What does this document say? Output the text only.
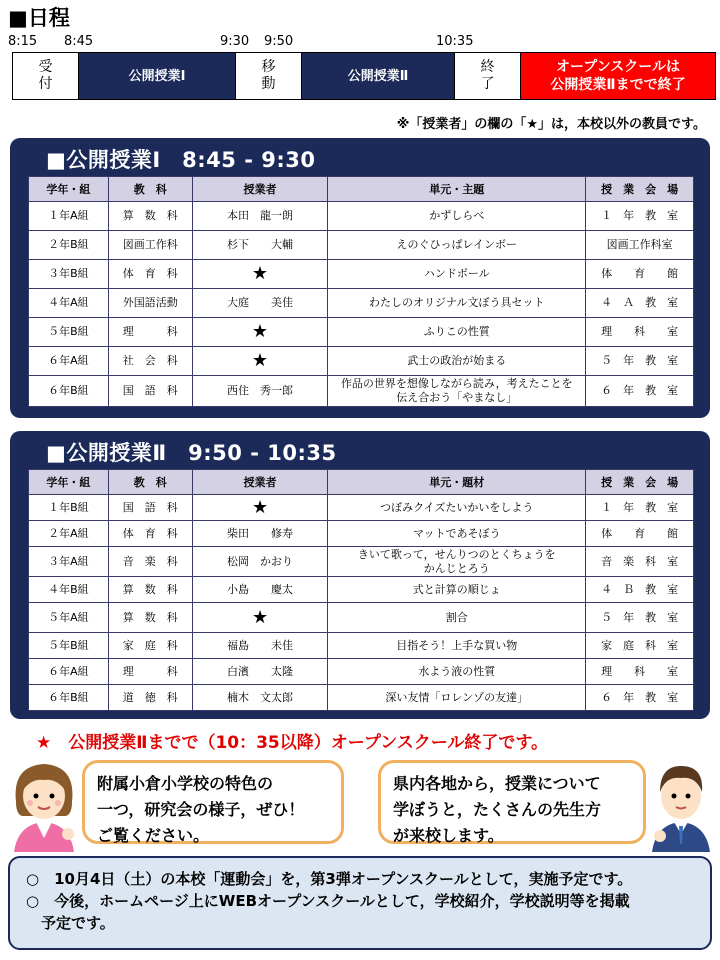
■日程
8:15 8:45	9:30 9:50	10:35
受
付	公開授業Ⅰ
移
動	公開授業Ⅱ
終
了
オープンスクールは
公開授業Ⅱまでで終了
※「授業者」の欄の「★」は，本校以外の教員です。
■公開授業Ⅰ　8:45 - 9:30
学年・組	教　科	授業者	単元・主題	授　業　会　場
１年A組	算　数　科	本田　龍一朗	かずしらべ	１　年　教　室
２年B組	図画工作科	杉下　　大輔	えのぐひっぱレインボー	図画工作科室
３年B組	体　育　科	★	ハンドボール	体　　育　　館
４年A組	外国語活動	大庭　　美佳	わたしのオリジナル文ぼう具セット	４　Ａ　教　室
５年B組	理　　　科	★	ふりこの性質	理　　科　　室
６年A組	社　会　科	★	武士の政治が始まる	５　年　教　室
６年B組	国　語　科	西住　秀一郎	作品の世界を想像しながら読み，考えたことを
伝え合おう「やまなし」	６　年　教　室
■公開授業Ⅱ　9:50 - 10:35
学年・組	教　科	授業者	単元・題材	授　業　会　場
１年B組	国　語　科	★	つぼみクイズたいかいをしよう	１　年　教　室
２年A組	体　育　科	柴田　　修寿	マットであそぼう	体　　育　　館
３年A組	音　楽　科	松岡　かおり	きいて歌って，せんりつのとくちょうを
かんじとろう	音　楽　科　室
４年B組	算　数　科	小島　　慶太	式と計算の順じょ	４　Ｂ　教　室
５年A組	算　数　科	★	割合	５　年　教　室
５年B組	家　庭　科	福島　　未佳	目指そう！上手な買い物	家　庭　科　室
６年A組	理　　　科	白濱　　太隆	水よう液の性質	理　　科　　室
６年B組	道　徳　科	楠木　文太郎	深い友情「ロレンゾの友達」	６　年　教　室
★　公開授業Ⅱまでで（10：35以降）オープンスクール終了です。
附属小倉小学校の特色の
一つ，研究会の様子，ぜひ！
ご覧ください。
県内各地から，授業について
学ぼうと，たくさんの先生方
が来校します。
○　10月4日（土）の本校「運動会」を，第3弾オープンスクールとして，実施予定です。
○　今後，ホームページ上にWEBオープンスクールとして，学校紹介，学校説明等を掲載
　予定です。
